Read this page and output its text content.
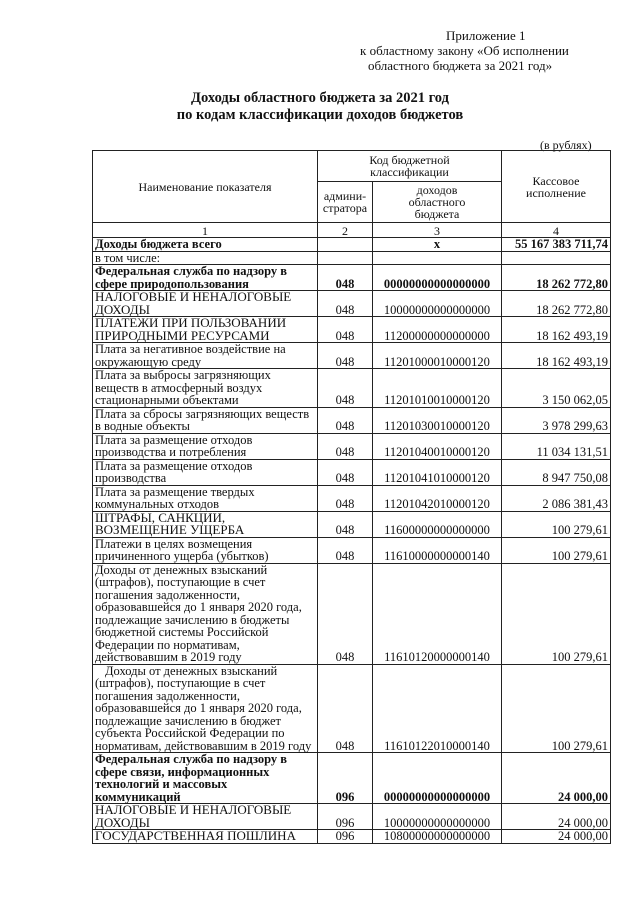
Приложение 1
к областному закону «Об исполнении
областного бюджета за 2021 год»
Доходы областного бюджета за 2021 год
по кодам классификации доходов бюджетов
(в рублях)
Наименование показателя	Код бюджетной классификации		Кассовое исполнение
	админи-стратора	доходов областного бюджета	
1	2	3	4
Доходы бюджета всего		x	55 167 383 711,74
в том числе:			
Федеральная служба по надзору в сфере природопользования	048	00000000000000000	18 262 772,80
НАЛОГОВЫЕ И НЕНАЛОГОВЫЕ ДОХОДЫ	048	10000000000000000	18 262 772,80
ПЛАТЕЖИ ПРИ ПОЛЬЗОВАНИИ ПРИРОДНЫМИ РЕСУРСАМИ	048	11200000000000000	18 162 493,19
Плата за негативное воздействие на окружающую среду	048	11201000010000120	18 162 493,19
Плата за выбросы загрязняющих веществ в атмосферный воздух стационарными объектами	048	11201010010000120	3 150 062,05
Плата за сбросы загрязняющих веществ в водные объекты	048	11201030010000120	3 978 299,63
Плата за размещение отходов производства и потребления	048	11201040010000120	11 034 131,51
Плата за размещение отходов производства	048	11201041010000120	8 947 750,08
Плата за размещение твердых коммунальных отходов	048	11201042010000120	2 086 381,43
ШТРАФЫ, САНКЦИИ, ВОЗМЕЩЕНИЕ УЩЕРБА	048	11600000000000000	100 279,61
Платежи в целях возмещения причиненного ущерба (убытков)	048	11610000000000140	100 279,61
Доходы от денежных взысканий (штрафов), поступающие в счет погашения задолженности, образовавшейся до 1 января 2020 года, подлежащие зачислению в бюджеты бюджетной системы Российской Федерации по нормативам, действовавшим в 2019 году	048	11610120000000140	100 279,61
Доходы от денежных взысканий (штрафов), поступающие в счет погашения задолженности, образовавшейся до 1 января 2020 года, подлежащие зачислению в бюджет субъекта Российской Федерации по нормативам, действовавшим в 2019 году	048	11610122010000140	100 279,61
Федеральная служба по надзору в сфере связи, информационных технологий и массовых коммуникаций	096	00000000000000000	24 000,00
НАЛОГОВЫЕ И НЕНАЛОГОВЫЕ ДОХОДЫ	096	10000000000000000	24 000,00
ГОСУДАРСТВЕННАЯ ПОШЛИНА	096	10800000000000000	24 000,00
